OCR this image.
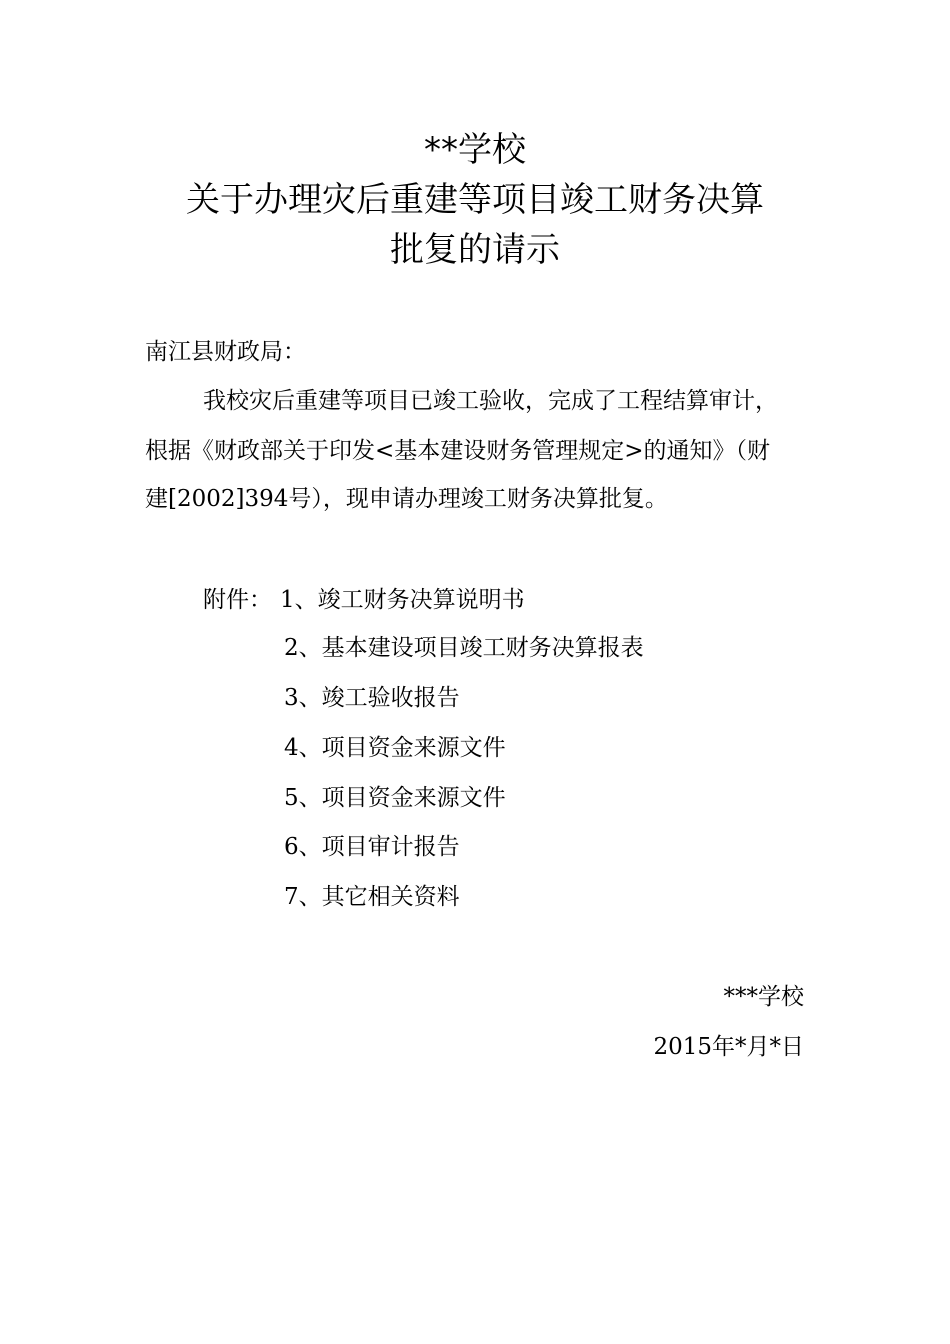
**学校
关于办理灾后重建等项目竣工财务决算
批复的请示
南江县财政局：
我校灾后重建等项目已竣工验收，完成了工程结算审计，
根据《财政部关于印发<基本建设财务管理规定>的通知》（财
建[2002]394号），现申请办理竣工财务决算批复。
附件： 1、竣工财务决算说明书
2、基本建设项目竣工财务决算报表
3、竣工验收报告
4、项目资金来源文件
5、项目资金来源文件
6、项目审计报告
7、其它相关资料
***学校
2015年*月*日
